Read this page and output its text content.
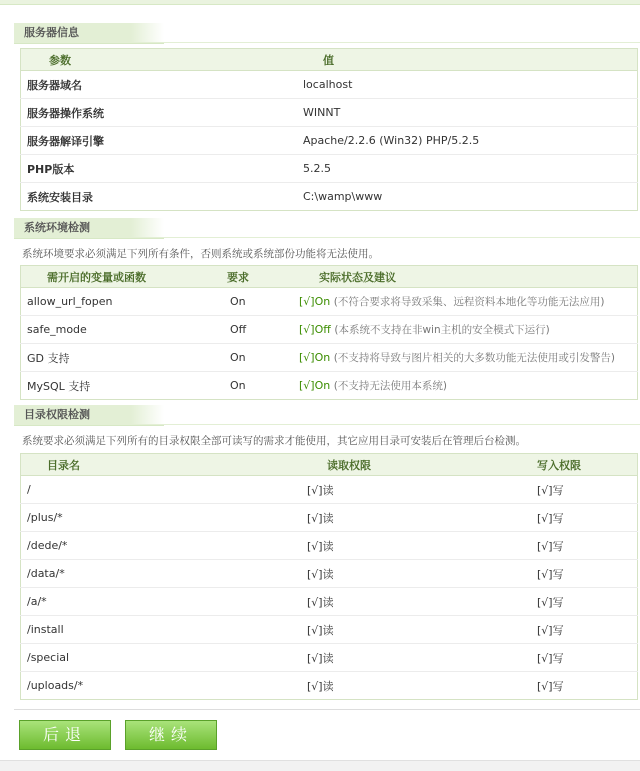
服务器信息
参数	值
服务器域名	localhost
服务器操作系统	WINNT
服务器解译引擎	Apache/2.2.6 (Win32) PHP/5.2.5
PHP版本	5.2.5
系统安装目录	C:\wamp\www
系统环境检测
系统环境要求必须满足下列所有条件，否则系统或系统部份功能将无法使用。
需开启的变量或函数	要求	实际状态及建议
allow_url_fopen	On	[√]On (不符合要求将导致采集、远程资料本地化等功能无法应用)
safe_mode	Off	[√]Off (本系统不支持在非win主机的安全模式下运行)
GD 支持	On	[√]On (不支持将导致与图片相关的大多数功能无法使用或引发警告)
MySQL 支持	On	[√]On (不支持无法使用本系统)
目录权限检测
系统要求必须满足下列所有的目录权限全部可读写的需求才能使用，其它应用目录可安装后在管理后台检测。
目录名	读取权限	写入权限
/	[√]读	[√]写
/plus/*	[√]读	[√]写
/dede/*	[√]读	[√]写
/data/*	[√]读	[√]写
/a/*	[√]读	[√]写
/install	[√]读	[√]写
/special	[√]读	[√]写
/uploads/*	[√]读	[√]写
后退	继续
